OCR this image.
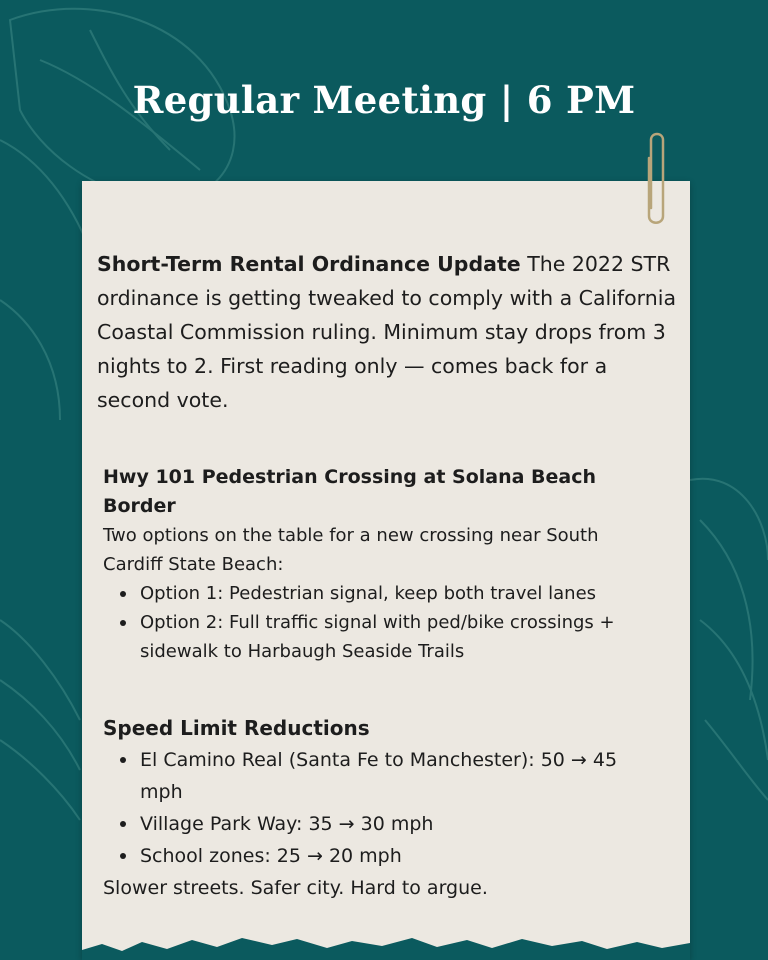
Regular Meeting | 6 PM
Short-Term Rental Ordinance Update The 2022 STR ordinance is getting tweaked to comply with a California Coastal Commission ruling. Minimum stay drops from 3 nights to 2. First reading only — comes back for a second vote.

Hwy 101 Pedestrian Crossing at Solana Beach Border

Two options on the table for a new crossing near South Cardiff State Beach:
Option 1: Pedestrian signal, keep both travel lanes
Option 2: Full traffic signal with ped/bike crossings + sidewalk to Harbaugh Seaside Trails

Speed Limit Reductions

El Camino Real (Santa Fe to Manchester): 50 → 45 mph
Village Park Way: 35 → 30 mph
School zones: 25 → 20 mph
Slower streets. Safer city. Hard to argue.
